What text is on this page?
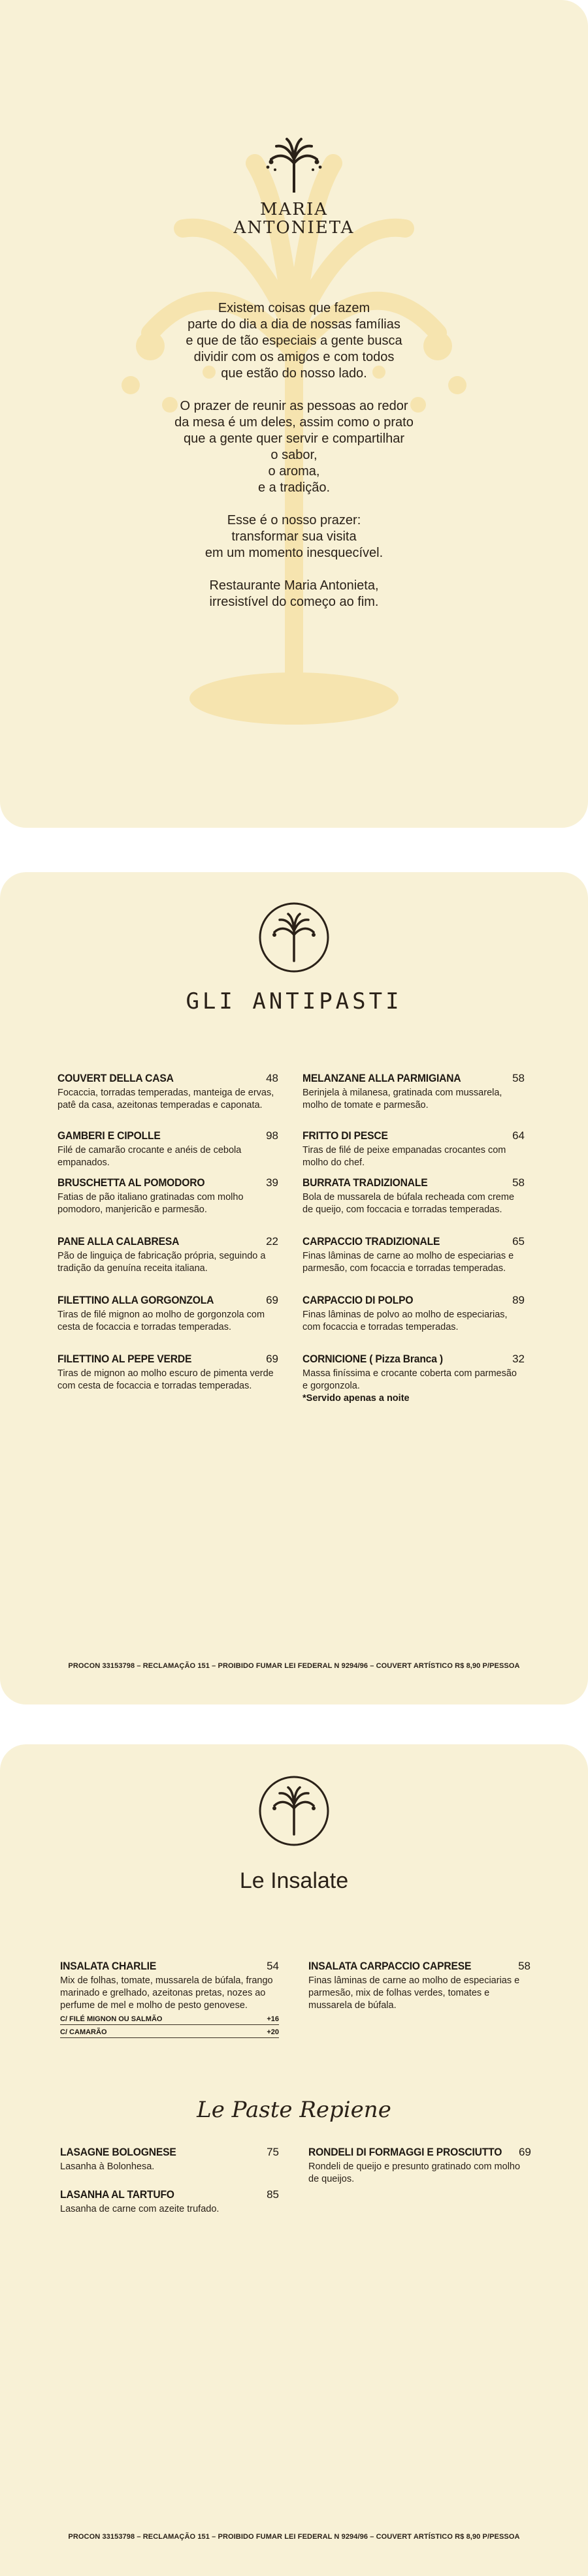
MARIA
ANTONIETA

Existem coisas que fazem
parte do dia a dia de nossas famílias
e que de tão especiais a gente busca
dividir com os amigos e com todos
que estão do nosso lado.

O prazer de reunir as pessoas ao redor
da mesa é um deles, assim como o prato
que a gente quer servir e compartilhar
o sabor,
o aroma,
e a tradição.

Esse é o nosso prazer:
transformar sua visita
em um momento inesquecível.

Restaurante Maria Antonieta,
irresistível do começo ao fim.

GLI ANTIPASTI
PROCON 33153798 – RECLAMAÇÃO 151 – PROIBIDO FUMAR LEI FEDERAL N 9294/96 – COUVERT ARTÍSTICO R$ 8,90 P/PESSOA
COUVERT DELLA CASA	48
Focaccia, torradas temperadas, manteiga de ervas, patê da casa, azeitonas temperadas e caponata.
GAMBERI E CIPOLLE	98
Filé de camarão crocante e anéis de cebola empanados.
BRUSCHETTA AL POMODORO	39
Fatias de pão italiano gratinadas com molho pomodoro, manjericão e parmesão.
PANE ALLA CALABRESA	22
Pão de linguiça de fabricação própria, seguindo a tradição da genuína receita italiana.
FILETTINO ALLA GORGONZOLA	69
Tiras de filé mignon ao molho de gorgonzola com cesta de focaccia e torradas temperadas.
FILETTINO AL PEPE VERDE	69
Tiras de mignon ao molho escuro de pimenta verde com cesta de focaccia e torradas temperadas.
MELANZANE ALLA PARMIGIANA	58
Berinjela à milanesa, gratinada com mussarela, molho de tomate e parmesão.
FRITTO DI PESCE	64
Tiras de filé de peixe empanadas crocantes com molho do chef.
BURRATA TRADIZIONALE	58
Bola de mussarela de búfala recheada com creme de queijo, com foccacia e torradas temperadas.
CARPACCIO TRADIZIONALE	65
Finas lâminas de carne ao molho de especiarias e parmesão, com focaccia e torradas temperadas.
CARPACCIO DI POLPO	89
Finas lâminas de polvo ao molho de especiarias, com focaccia e torradas temperadas.
CORNICIONE ( Pizza Branca )	32
Massa finíssima e crocante coberta com parmesão e gorgonzola.
*Servido apenas a noite
Le Insalate
INSALATA CHARLIE	54
Mix de folhas, tomate, mussarela de búfala, frango marinado e grelhado, azeitonas pretas, nozes ao perfume de mel e molho de pesto genovese.
C/ FILÉ MIGNON OU SALMÃO	+16
C/ CAMARÃO	+20
INSALATA CARPACCIO CAPRESE	58
Finas lâminas de carne ao molho de especiarias e parmesão, mix de folhas verdes, tomates e mussarela de búfala.
Le Paste Repiene
LASAGNE BOLOGNESE	75
Lasanha à Bolonhesa.
LASANHA AL TARTUFO	85
Lasanha de carne com azeite trufado.
RONDELI DI FORMAGGI E PROSCIUTTO 69
Rondeli de queijo e presunto gratinado com molho de queijos.
PROCON 33153798 – RECLAMAÇÃO 151 – PROIBIDO FUMAR LEI FEDERAL N 9294/96 – COUVERT ARTÍSTICO R$ 8,90 P/PESSOA
